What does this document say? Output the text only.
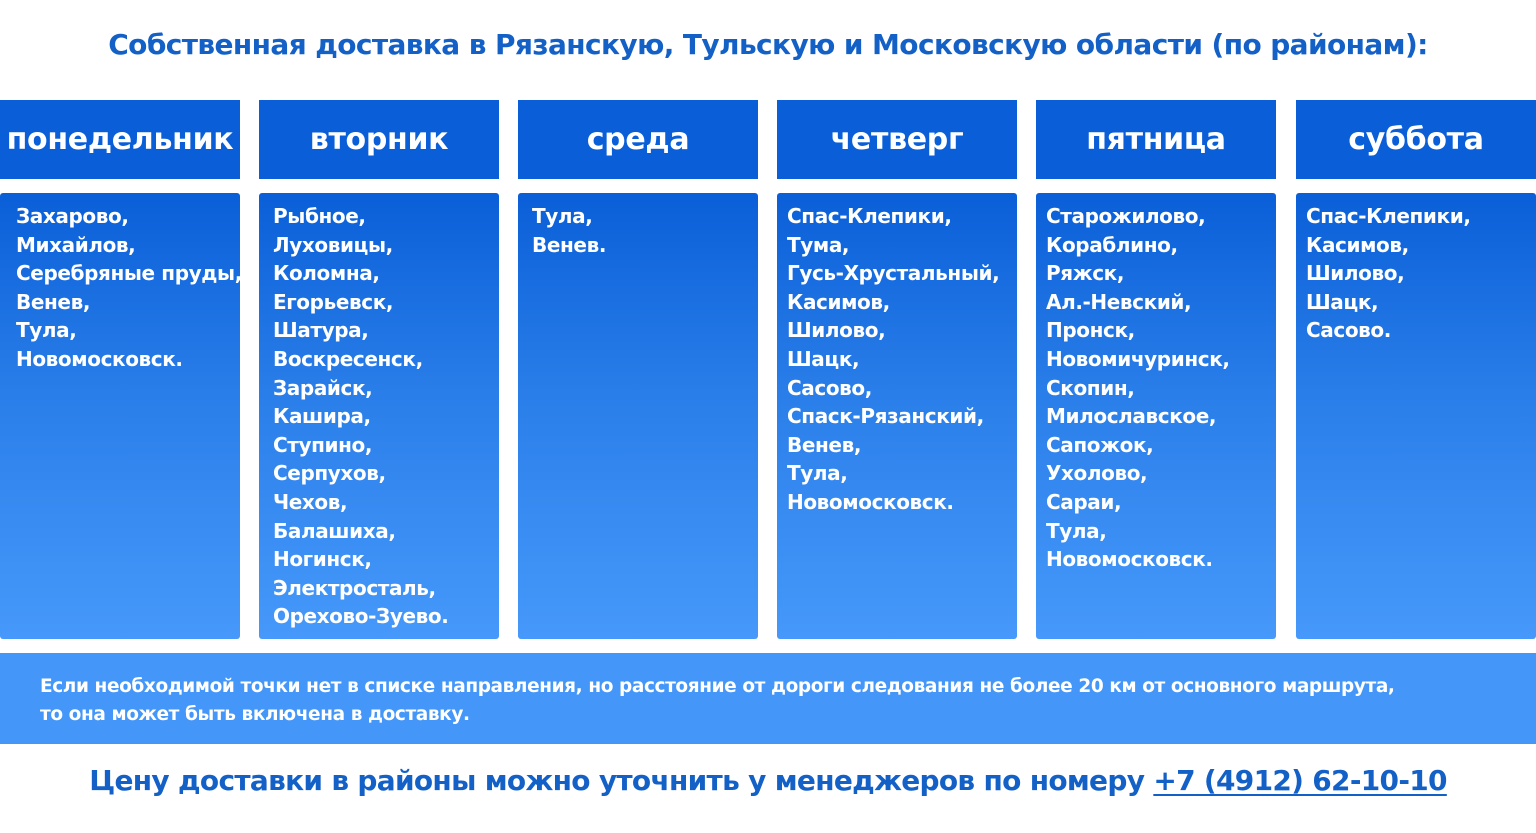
Собственная доставка в Рязанскую, Тульскую и Московскую области (по районам):
понедельник
Захарово,
Михайлов,
Серебряные пруды,
Венев,
Тула,
Новомосковск.
вторник
Рыбное,
Луховицы,
Коломна,
Егорьевск,
Шатура,
Воскресенск,
Зарайск,
Кашира,
Ступино,
Серпухов,
Чехов,
Балашиха,
Ногинск,
Электросталь,
Орехово-Зуево.
среда
Тула,
Венев.
четверг
Спас-Клепики,
Тума,
Гусь-Хрустальный,
Касимов,
Шилово,
Шацк,
Сасово,
Спаск-Рязанский,
Венев,
Тула,
Новомосковск.
пятница
Старожилово,
Кораблино,
Ряжск,
Ал.-Невский,
Пронск,
Новомичуринск,
Скопин,
Милославское,
Сапожок,
Ухолово,
Сараи,
Тула,
Новомосковск.
суббота
Спас-Клепики,
Касимов,
Шилово,
Шацк,
Сасово.
Если необходимой точки нет в списке направления, но расстояние от дороги следования не более 20 км от основного маршрута,
то она может быть включена в доставку.
Цену доставки в районы можно уточнить у менеджеров по номеру +7 (4912) 62-10-10
